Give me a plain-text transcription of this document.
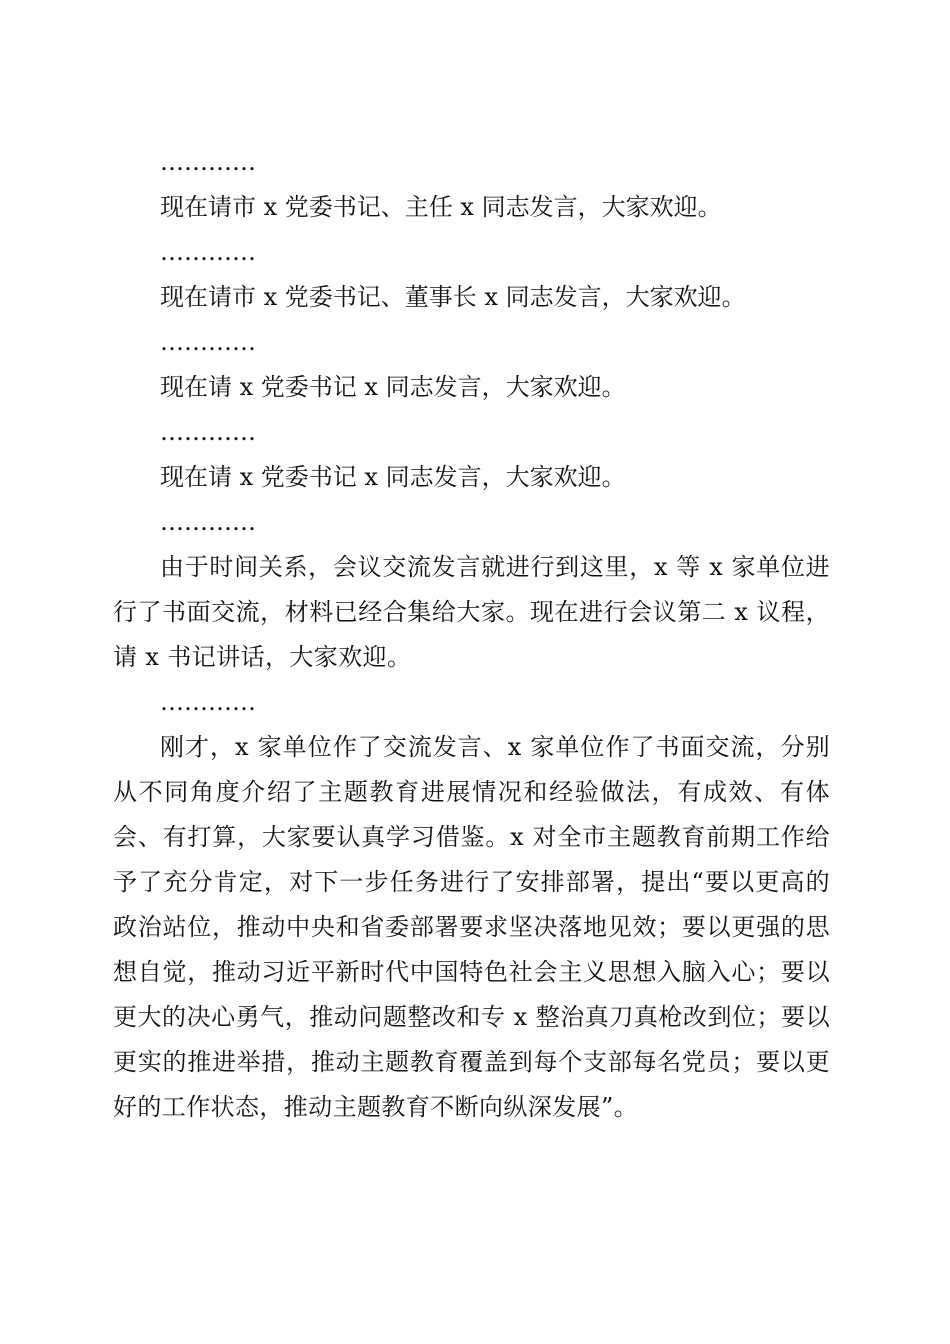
…………

现在请市 x 党委书记、主任 x 同志发言，大家欢迎。

…………

现在请市 x 党委书记、董事长 x 同志发言，大家欢迎。

…………

现在请 x 党委书记 x 同志发言，大家欢迎。

…………

现在请 x 党委书记 x 同志发言，大家欢迎。

…………

由于时间关系，会议交流发言就进行到这里，x 等 x 家单位进行了书面交流，材料已经合集给大家。现在进行会议第二 x 议程，请 x 书记讲话，大家欢迎。

…………

刚才，x 家单位作了交流发言、x 家单位作了书面交流，分别从不同角度介绍了主题教育进展情况和经验做法，有成效、有体会、有打算，大家要认真学习借鉴。x 对全市主题教育前期工作给予了充分肯定，对下一步任务进行了安排部署，提出“要以更高的政治站位，推动中央和省委部署要求坚决落地见效；要以更强的思想自觉，推动习近平新时代中国特色社会主义思想入脑入心；要以更大的决心勇气，推动问题整改和专 x 整治真刀真枪改到位；要以更实的推进举措，推动主题教育覆盖到每个支部每名党员；要以更好的工作状态，推动主题教育不断向纵深发展”。
